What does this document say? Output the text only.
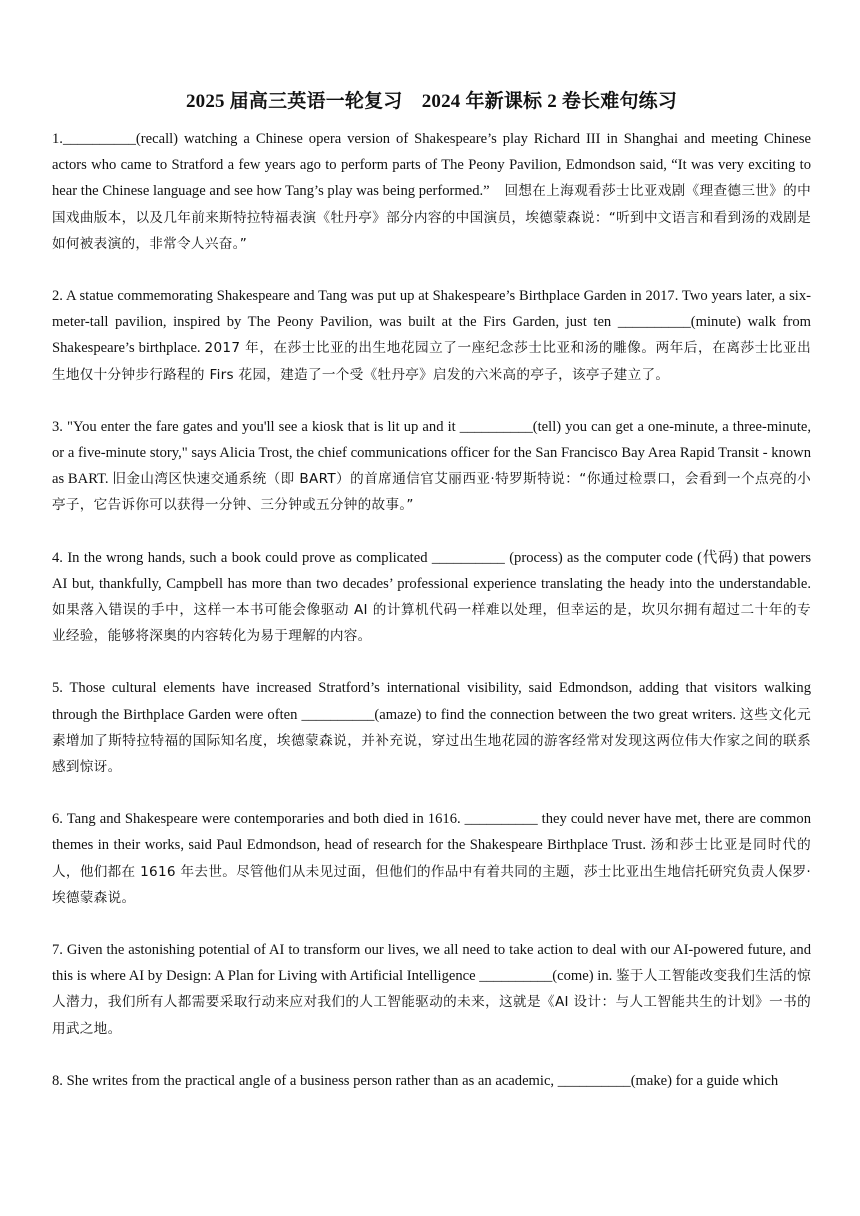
2025 届高三英语一轮复习　2024 年新课标 2 卷长难句练习

1.__________(recall) watching a Chinese opera version of Shakespeare’s play Richard III in Shanghai and meeting Chinese actors who came to Stratford a few years ago to perform parts of The Peony Pavilion, Edmondson said, “It was very exciting to hear the Chinese language and see how Tang’s play was being performed.” 回想在上海观看莎士比亚戏剧《理查德三世》的中国戏曲版本，以及几年前来斯特拉特福表演《牡丹亭》部分内容的中国演员，埃德蒙森说：“听到中文语言和看到汤的戏剧是如何被表演的，非常令人兴奋。”

2. A statue commemorating Shakespeare and Tang was put up at Shakespeare’s Birthplace Garden in 2017. Two years later, a six-meter-tall pavilion, inspired by The Peony Pavilion, was built at the Firs Garden, just ten __________(minute) walk from Shakespeare’s birthplace. 2017 年，在莎士比亚的出生地花园立了一座纪念莎士比亚和汤的雕像。两年后，在离莎士比亚出生地仅十分钟步行路程的 Firs 花园，建造了一个受《牡丹亭》启发的六米高的亭子，该亭子建立了。

3. "You enter the fare gates and you'll see a kiosk that is lit up and it __________(tell) you can get a one-minute, a three-minute, or a five-minute story," says Alicia Trost, the chief communications officer for the San Francisco Bay Area Rapid Transit - known as BART. 旧金山湾区快速交通系统（即 BART）的首席通信官艾丽西亚·特罗斯特说：“你通过检票口，会看到一个点亮的小亭子，它告诉你可以获得一分钟、三分钟或五分钟的故事。”

4. In the wrong hands, such a book could prove as complicated __________ (process) as the computer code (代码) that powers AI but, thankfully, Campbell has more than two decades’ professional experience translating the heady into the understandable. 如果落入错误的手中，这样一本书可能会像驱动 AI 的计算机代码一样难以处理，但幸运的是，坎贝尔拥有超过二十年的专业经验，能够将深奥的内容转化为易于理解的内容。

5. Those cultural elements have increased Stratford’s international visibility, said Edmondson, adding that visitors walking through the Birthplace Garden were often __________(amaze) to find the connection between the two great writers. 这些文化元素增加了斯特拉特福的国际知名度，埃德蒙森说，并补充说，穿过出生地花园的游客经常对发现这两位伟大作家之间的联系感到惊讶。

6. Tang and Shakespeare were contemporaries and both died in 1616. __________ they could never have met, there are common themes in their works, said Paul Edmondson, head of research for the Shakespeare Birthplace Trust. 汤和莎士比亚是同时代的人，他们都在 1616 年去世。尽管他们从未见过面，但他们的作品中有着共同的主题，莎士比亚出生地信托研究负责人保罗·埃德蒙森说。

7. Given the astonishing potential of AI to transform our lives, we all need to take action to deal with our AI-powered future, and this is where AI by Design: A Plan for Living with Artificial Intelligence __________(come) in. 鉴于人工智能改变我们生活的惊人潜力，我们所有人都需要采取行动来应对我们的人工智能驱动的未来，这就是《AI 设计：与人工智能共生的计划》一书的用武之地。

8. She writes from the practical angle of a business person rather than as an academic, __________(make) for a guide which
